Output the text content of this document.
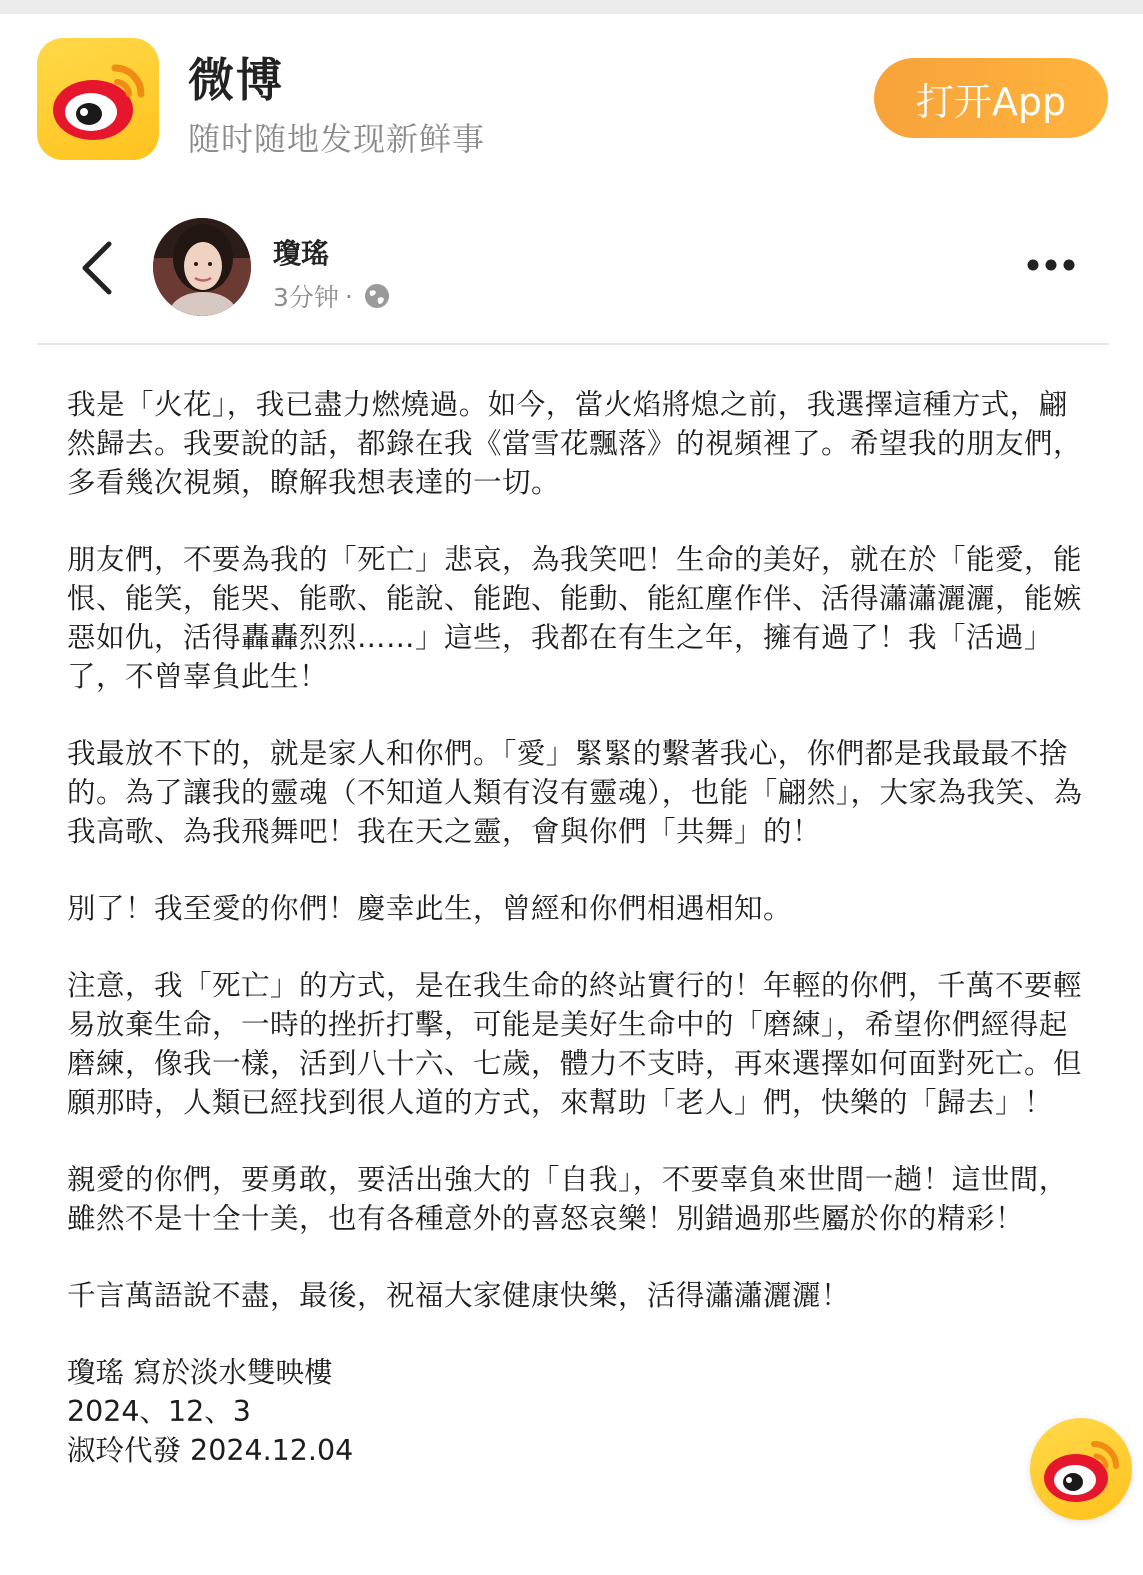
微博
随时随地发现新鲜事
打开App
瓊瑤
3分钟 ·

我是「火花」，我已盡力燃燒過。如今，當火焰將熄之前，我選擇這種方式，翩然歸去。我要說的話，都錄在我《當雪花飄落》的視頻裡了。希望我的朋友們，多看幾次視頻，瞭解我想表達的一切。

朋友們，不要為我的「死亡」悲哀，為我笑吧！生命的美好，就在於「能愛，能恨、能笑，能哭、能歌、能說、能跑、能動、能紅塵作伴、活得瀟瀟灑灑，能嫉惡如仇，活得轟轟烈烈……」這些，我都在有生之年，擁有過了！我「活過」了，不曾辜負此生！

我最放不下的，就是家人和你們。「愛」緊緊的繫著我心，你們都是我最最不捨的。為了讓我的靈魂（不知道人類有沒有靈魂），也能「翩然」，大家為我笑、為我高歌、為我飛舞吧！我在天之靈，會與你們「共舞」的！

別了！我至愛的你們！慶幸此生，曾經和你們相遇相知。

注意，我「死亡」的方式，是在我生命的終站實行的！年輕的你們，千萬不要輕易放棄生命，一時的挫折打擊，可能是美好生命中的「磨練」，希望你們經得起磨練，像我一樣，活到八十六、七歲，體力不支時，再來選擇如何面對死亡。但願那時，人類已經找到很人道的方式，來幫助「老人」們，快樂的「歸去」！

親愛的你們，要勇敢，要活出強大的「自我」，不要辜負來世間一趟！這世間，雖然不是十全十美，也有各種意外的喜怒哀樂！別錯過那些屬於你的精彩！

千言萬語說不盡，最後，祝福大家健康快樂，活得瀟瀟灑灑！

瓊瑤 寫於淡水雙映樓
2024、12、3
淑玲代發 2024.12.04
